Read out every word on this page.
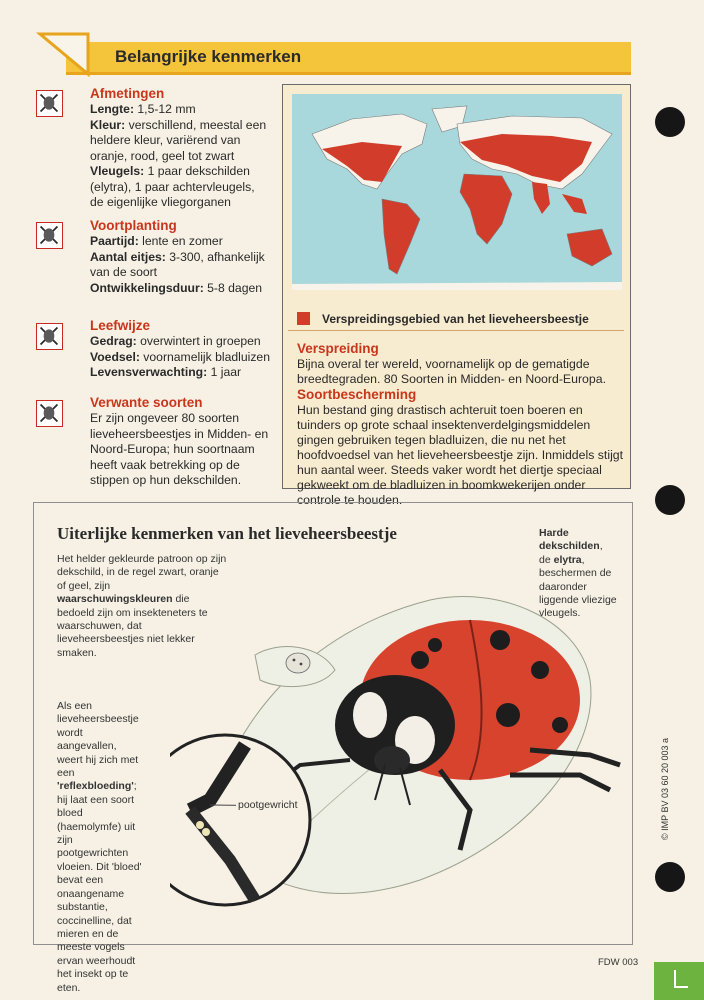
Belangrijke kenmerken
Afmetingen
Lengte: 1,5-12 mm
Kleur: verschillend, meestal een heldere kleur, variërend van oranje, rood, geel tot zwart
Vleugels: 1 paar dekschilden (elytra), 1 paar achtervleugels, de eigenlijke vliegorganen
Voortplanting
Paartijd: lente en zomer
Aantal eitjes: 3-300, afhankelijk van de soort
Ontwikkelingsduur: 5-8 dagen
Leefwijze
Gedrag: overwintert in groepen
Voedsel: voornamelijk bladluizen
Levensverwachting: 1 jaar
Verwante soorten
Er zijn ongeveer 80 soorten lieveheersbeestjes in Midden- en Noord-Europa; hun soortnaam heeft vaak betrekking op de stippen op hun dekschilden.
Verspreidingsgebied van het lieveheersbeestje
Verspreiding
Bijna overal ter wereld, voornamelijk op de gematigde breedtegraden. 80 Soorten in Midden- en Noord-Europa.
Soortbescherming
Hun bestand ging drastisch achteruit toen boeren en tuinders op grote schaal insektenverdelgingsmiddelen gingen gebruiken tegen bladluizen, die nu net het hoofdvoedsel van het lieveheersbeestje zijn. Inmiddels stijgt hun aantal weer. Steeds vaker wordt het diertje speciaal gekweekt om de bladluizen in boomkwekerijen onder controle te houden.
Uiterlijke kenmerken van het lieveheersbeestje
Het helder gekleurde patroon op zijn dekschild, in de regel zwart, oranje of geel, zijn waarschuwingskleuren die bedoeld zijn om insekteneters te waarschuwen, dat lieveheersbeestjes niet lekker smaken.
Als een lieveheersbeestje wordt aangevallen, weert hij zich met een 'reflexbloeding'; hij laat een soort bloed (haemolymfe) uit zijn pootgewrichten vloeien. Dit 'bloed' bevat een onaangename substantie, coccinelline, dat mieren en de meeste vogels ervan weerhoudt het insekt op te eten.
Harde dekschilden, de elytra, beschermen de daaronder liggende vliezige vleugels.
pootgewricht	© IMP BV 03 60 20 003 a
FDW 003
